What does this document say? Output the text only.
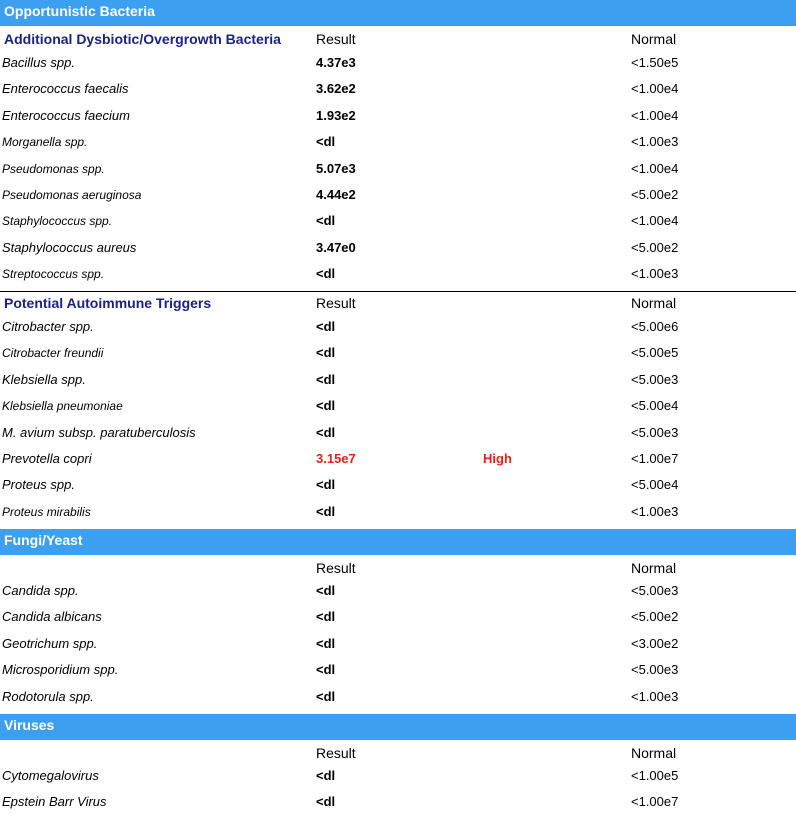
Opportunistic Bacteria
Additional Dysbiotic/Overgrowth Bacteria	Result	Normal
Bacillus spp.	4.37e3	<1.50e5
Enterococcus faecalis	3.62e2	<1.00e4
Enterococcus faecium	1.93e2	<1.00e4
Morganella spp.	<dl	<1.00e3
Pseudomonas spp.	5.07e3	<1.00e4
Pseudomonas aeruginosa	4.44e2	<5.00e2
Staphylococcus spp.	<dl	<1.00e4
Staphylococcus aureus	3.47e0	<5.00e2
Streptococcus spp.	<dl	<1.00e3
Potential Autoimmune Triggers	Result	Normal
Citrobacter spp.	<dl	<5.00e6
Citrobacter freundii	<dl	<5.00e5
Klebsiella spp.	<dl	<5.00e3
Klebsiella pneumoniae	<dl	<5.00e4
M. avium subsp. paratuberculosis	<dl	<5.00e3
Prevotella copri	3.15e7	High	<1.00e7
Proteus spp.	<dl	<5.00e4
Proteus mirabilis	<dl	<1.00e3
Fungi/Yeast
Result	Normal
Candida spp.	<dl	<5.00e3
Candida albicans	<dl	<5.00e2
Geotrichum spp.	<dl	<3.00e2
Microsporidium spp.	<dl	<5.00e3
Rodotorula spp.	<dl	<1.00e3
Viruses
Result	Normal
Cytomegalovirus	<dl	<1.00e5
Epstein Barr Virus	<dl	<1.00e7
